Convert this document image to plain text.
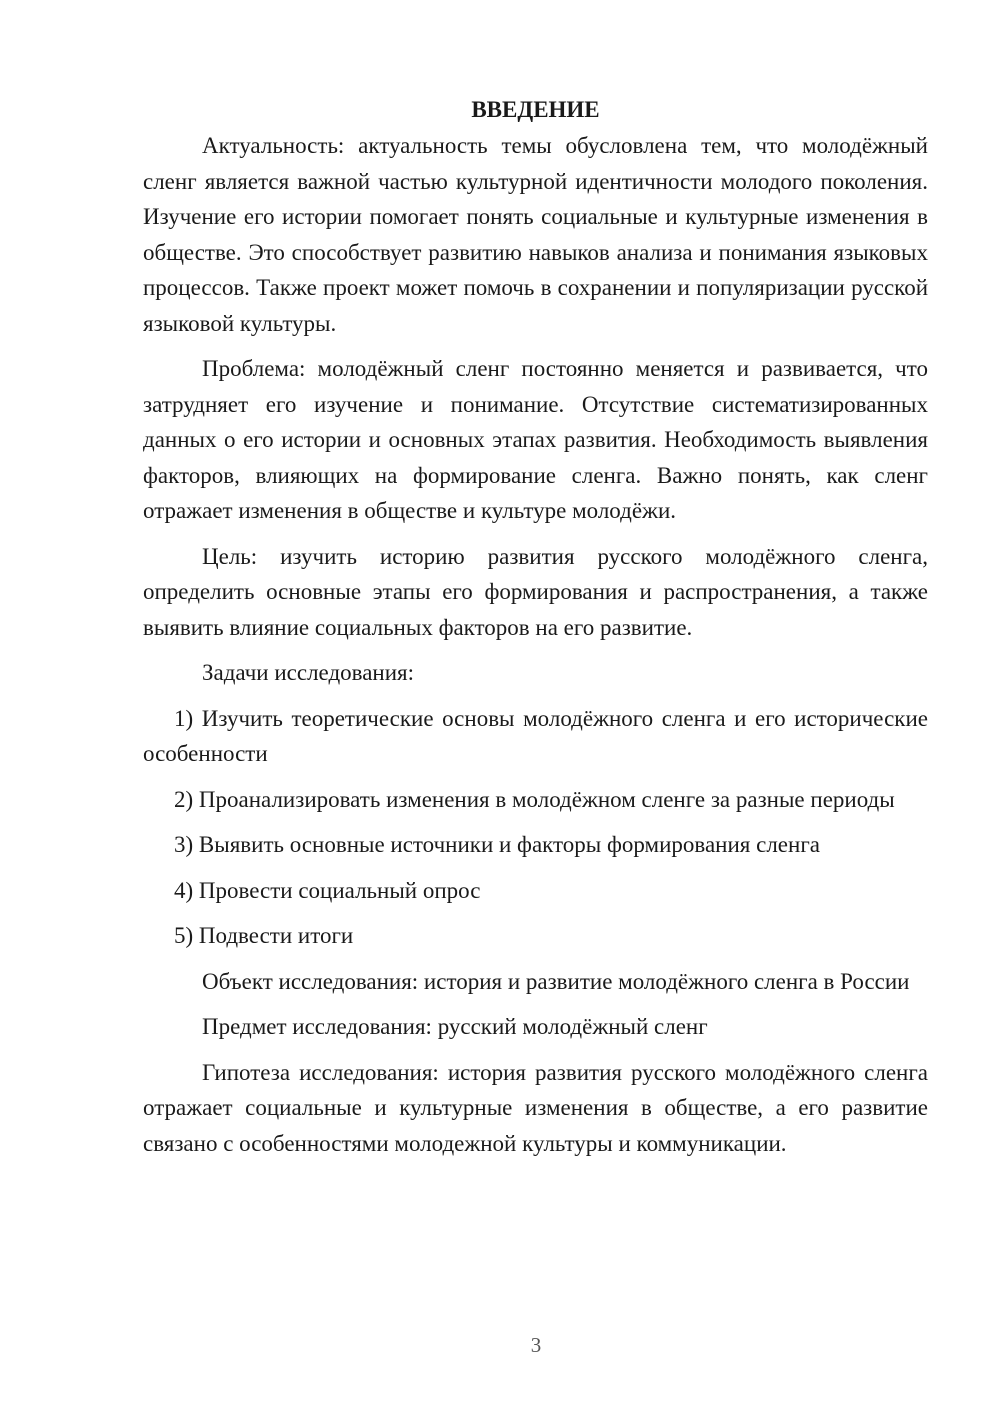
ВВЕДЕНИЕ

Актуальность: актуальность темы обусловлена тем, что молодёжный сленг является важной частью культурной идентичности молодого поколения. Изучение его истории помогает понять социальные и культурные изменения в обществе. Это способствует развитию навыков анализа и понимания языковых процессов. Также проект может помочь в сохранении и популяризации русской языковой культуры.

Проблема: молодёжный сленг постоянно меняется и развивается, что затрудняет его изучение и понимание. Отсутствие систематизированных данных о его истории и основных этапах развития. Необходимость выявления факторов, влияющих на формирование сленга. Важно понять, как сленг отражает изменения в обществе и культуре молодёжи.

Цель: изучить историю развития русского молодёжного сленга, определить основные этапы его формирования и распространения, а также выявить влияние социальных факторов на его развитие.

Задачи исследования:

1) Изучить теоретические основы молодёжного сленга и его исторические особенности

2) Проанализировать изменения в молодёжном сленге за разные периоды

3) Выявить основные источники и факторы формирования сленга

4) Провести социальный опрос

5) Подвести итоги

Объект исследования: история и развитие молодёжного сленга в России

Предмет исследования: русский молодёжный сленг

Гипотеза исследования: история развития русского молодёжного сленга отражает социальные и культурные изменения в обществе, а его развитие связано с особенностями молодежной культуры и коммуникации.

3
